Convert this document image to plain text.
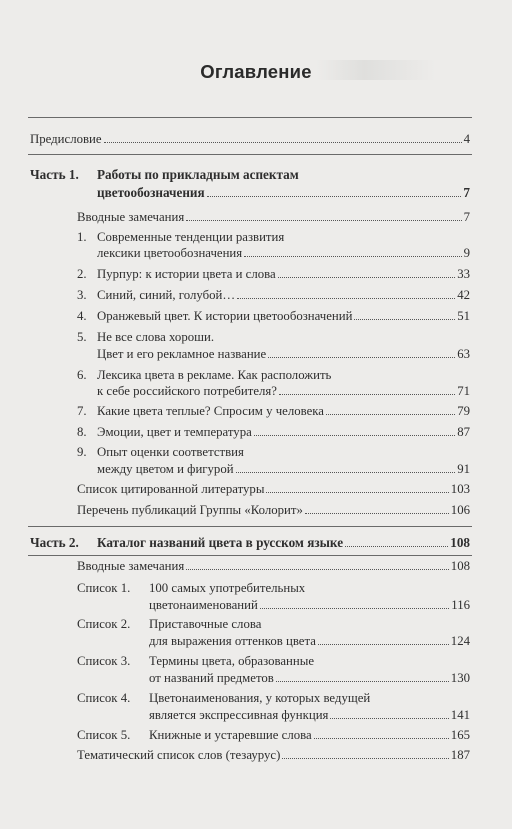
Оглавление
Предисловие	4
Часть 1. Работы по прикладным аспектам
цветообозначения	7
Вводные замечания	7
1. Современные тенденции развития
лексики цветообозначения	9
2. Пурпур: к истории цвета и слова	33
3. Синий, синий, голубой…	42
4. Оранжевый цвет. К истории цветообозначений	51
5. Не все слова хороши.
Цвет и его рекламное название	63
6. Лексика цвета в рекламе. Как расположить
к себе российского потребителя?	71
7. Какие цвета теплые? Спросим у человека	79
8. Эмоции, цвет и температура	87
9. Опыт оценки соответствия
между цветом и фигурой	91
Список цитированной литературы	103
Перечень публикаций Группы «Колорит»	106
Часть 2. Каталог названий цвета в русском языке	108
Вводные замечания	108
Список 1. 100 самых употребительных
цветонаименований	116
Список 2. Приставочные слова
для выражения оттенков цвета	124
Список 3. Термины цвета, образованные
от названий предметов	130
Список 4. Цветонаименования, у которых ведущей
является экспрессивная функция	141
Список 5. Книжные и устаревшие слова	165
Тематический список слов (тезаурус)	187
